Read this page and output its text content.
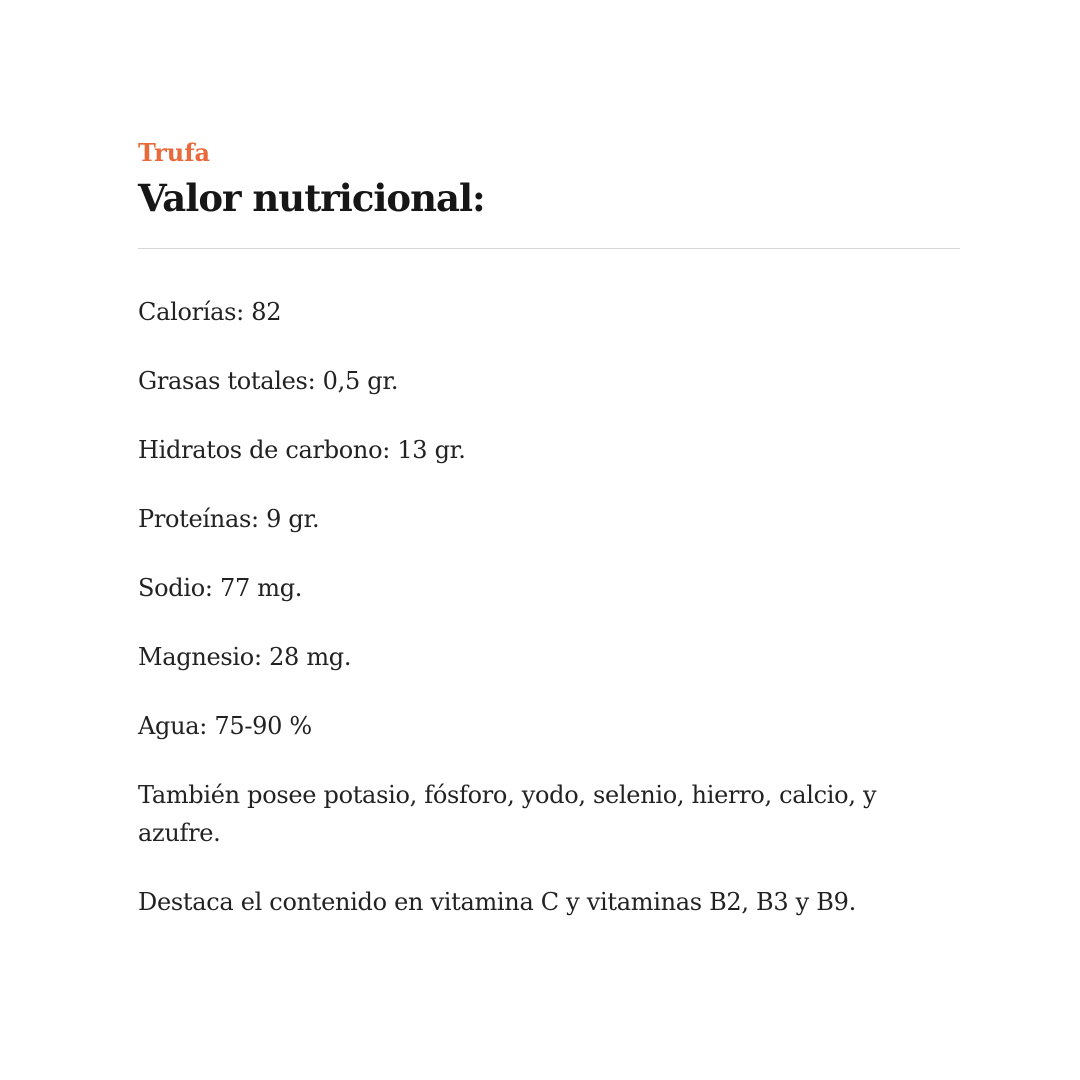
Trufa

Valor nutricional:
Calorías: 82
Grasas totales: 0,5 gr.
Hidratos de carbono: 13 gr.
Proteínas: 9 gr.
Sodio: 77 mg.
Magnesio: 28 mg.
Agua: 75-90 %

También posee potasio, fósforo, yodo, selenio, hierro, calcio, y azufre.

Destaca el contenido en vitamina C y vitaminas B2, B3 y B9.
